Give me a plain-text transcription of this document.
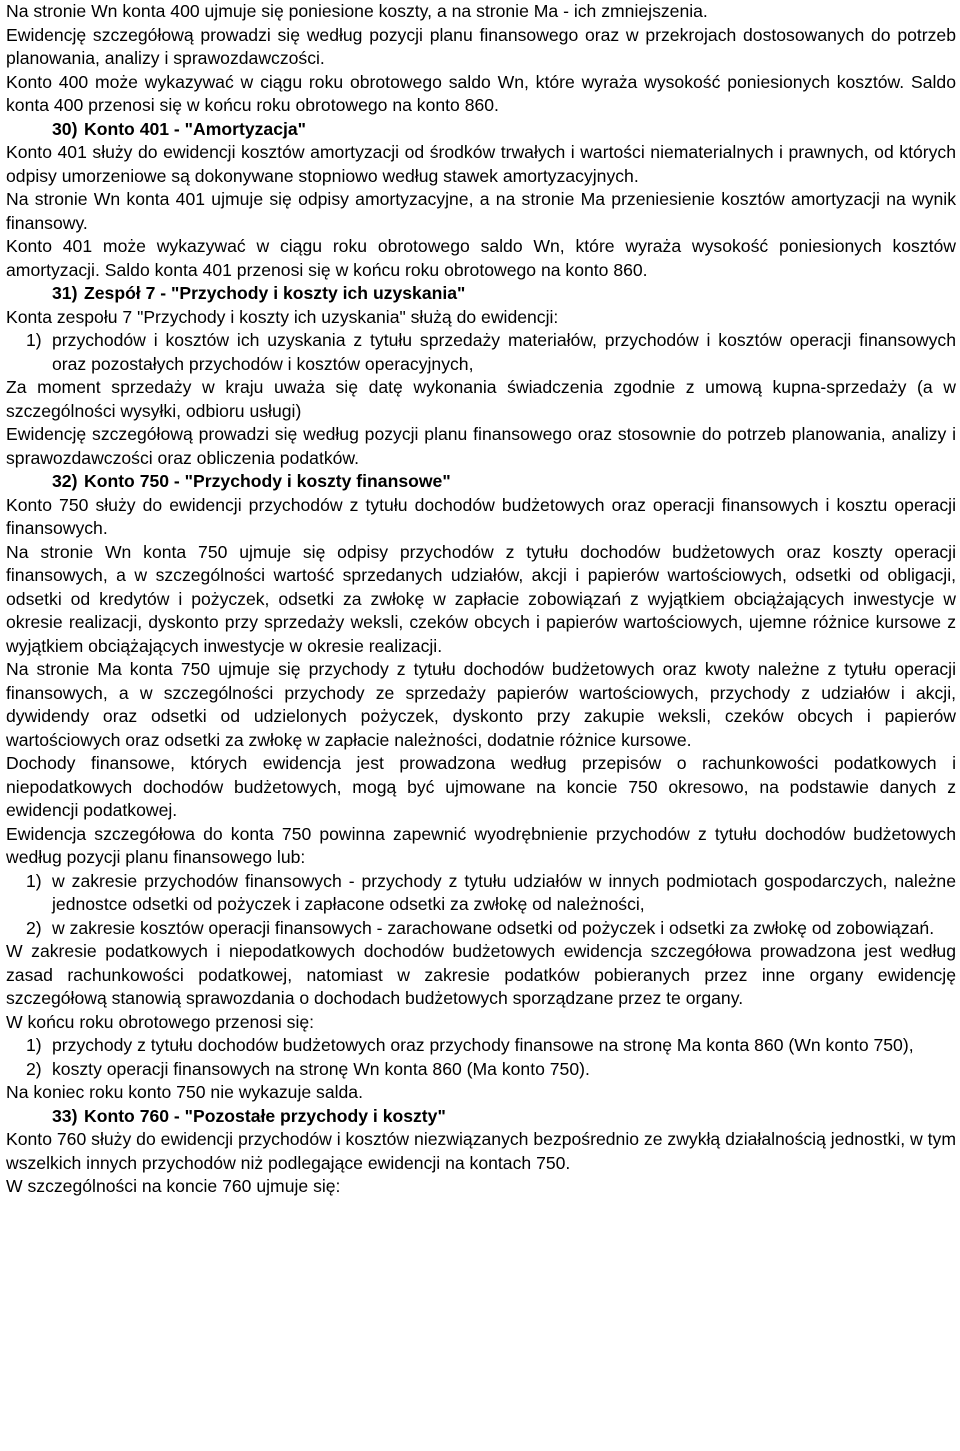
Na stronie Wn konta 400 ujmuje się poniesione koszty, a na stronie Ma - ich zmniejszenia.

Ewidencję szczegółową prowadzi się według pozycji planu finansowego oraz w przekrojach dostosowanych do potrzeb planowania, analizy i sprawozdawczości.

Konto 400 może wykazywać w ciągu roku obrotowego saldo Wn, które wyraża wysokość poniesionych kosztów. Saldo konta 400 przenosi się w końcu roku obrotowego na konto 860.

30) Konto 401 - "Amortyzacja"

Konto 401 służy do ewidencji kosztów amortyzacji od środków trwałych i wartości niematerialnych i prawnych, od których odpisy umorzeniowe są dokonywane stopniowo według stawek amortyzacyjnych.

Na stronie Wn konta 401 ujmuje się odpisy amortyzacyjne, a na stronie Ma przeniesienie kosztów amortyzacji na wynik finansowy.

Konto 401 może wykazywać w ciągu roku obrotowego saldo Wn, które wyraża wysokość poniesionych kosztów amortyzacji. Saldo konta 401 przenosi się w końcu roku obrotowego na konto 860.

31) Zespół 7 - "Przychody i koszty ich uzyskania"

Konta zespołu 7 "Przychody i koszty ich uzyskania" służą do ewidencji:

1) przychodów i kosztów ich uzyskania z tytułu sprzedaży materiałów, przychodów i kosztów operacji finansowych oraz pozostałych przychodów i kosztów operacyjnych,

Za moment sprzedaży w kraju uważa się datę wykonania świadczenia zgodnie z umową kupna-sprzedaży (a w szczególności wysyłki, odbioru usługi)

Ewidencję szczegółową prowadzi się według pozycji planu finansowego oraz stosownie do potrzeb planowania, analizy i sprawozdawczości oraz obliczenia podatków.

32) Konto 750 - "Przychody i koszty finansowe"

Konto 750 służy do ewidencji przychodów z tytułu dochodów budżetowych oraz operacji finansowych i kosztu operacji finansowych.

Na stronie Wn konta 750 ujmuje się odpisy przychodów z tytułu dochodów budżetowych oraz koszty operacji finansowych, a w szczególności wartość sprzedanych udziałów, akcji i papierów wartościowych, odsetki od obligacji, odsetki od kredytów i pożyczek, odsetki za zwłokę w zapłacie zobowiązań z wyjątkiem obciążających inwestycje w okresie realizacji, dyskonto przy sprzedaży weksli, czeków obcych i papierów wartościowych, ujemne różnice kursowe z wyjątkiem obciążających inwestycje w okresie realizacji.

Na stronie Ma konta 750 ujmuje się przychody z tytułu dochodów budżetowych oraz kwoty należne z tytułu operacji finansowych, a w szczególności przychody ze sprzedaży papierów wartościowych, przychody z udziałów i akcji, dywidendy oraz odsetki od udzielonych pożyczek, dyskonto przy zakupie weksli, czeków obcych i papierów wartościowych oraz odsetki za zwłokę w zapłacie należności, dodatnie różnice kursowe.

Dochody finansowe, których ewidencja jest prowadzona według przepisów o rachunkowości podatkowych i niepodatkowych dochodów budżetowych, mogą być ujmowane na koncie 750 okresowo, na podstawie danych z ewidencji podatkowej.

Ewidencja szczegółowa do konta 750 powinna zapewnić wyodrębnienie przychodów z tytułu dochodów budżetowych według pozycji planu finansowego lub:

1) w zakresie przychodów finansowych - przychody z tytułu udziałów w innych podmiotach gospodarczych, należne jednostce odsetki od pożyczek i zapłacone odsetki za zwłokę od należności,
2) w zakresie kosztów operacji finansowych - zarachowane odsetki od pożyczek i odsetki za zwłokę od zobowiązań.

W zakresie podatkowych i niepodatkowych dochodów budżetowych ewidencja szczegółowa prowadzona jest według zasad rachunkowości podatkowej, natomiast w zakresie podatków pobieranych przez inne organy ewidencję szczegółową stanowią sprawozdania o dochodach budżetowych sporządzane przez te organy.

W końcu roku obrotowego przenosi się:

1) przychody z tytułu dochodów budżetowych oraz przychody finansowe na stronę Ma konta 860 (Wn konto 750),
2) koszty operacji finansowych na stronę Wn konta 860 (Ma konto 750).

Na koniec roku konto 750 nie wykazuje salda.

33) Konto 760 - "Pozostałe przychody i koszty"

Konto 760 służy do ewidencji przychodów i kosztów niezwiązanych bezpośrednio ze zwykłą działalnością jednostki, w tym wszelkich innych przychodów niż podlegające ewidencji na kontach 750.

W szczególności na koncie 760 ujmuje się:
